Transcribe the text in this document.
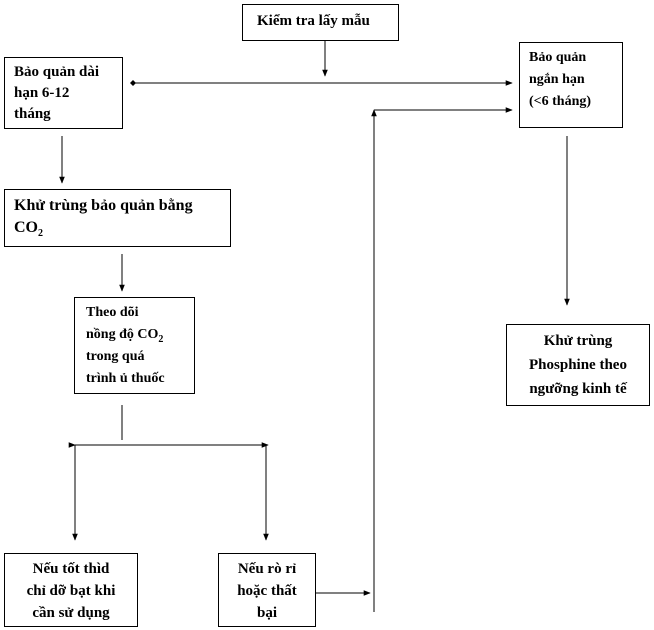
Kiểm tra lấy mẫu
Bảo quản dài
hạn 6-12
tháng
Bảo quản
ngắn hạn
(<6 tháng)
Khử trùng bảo quản bằng
$CO_2$
Theo dõi
nồng độ $CO_2$
trong quá
trình ủ thuốc
Khử trùng
Phosphine theo
ngưỡng kinh tế
Nếu tốt thìd
chỉ dỡ bạt khi
cần sử dụng
Nếu rò rỉ
hoặc thất
bại
